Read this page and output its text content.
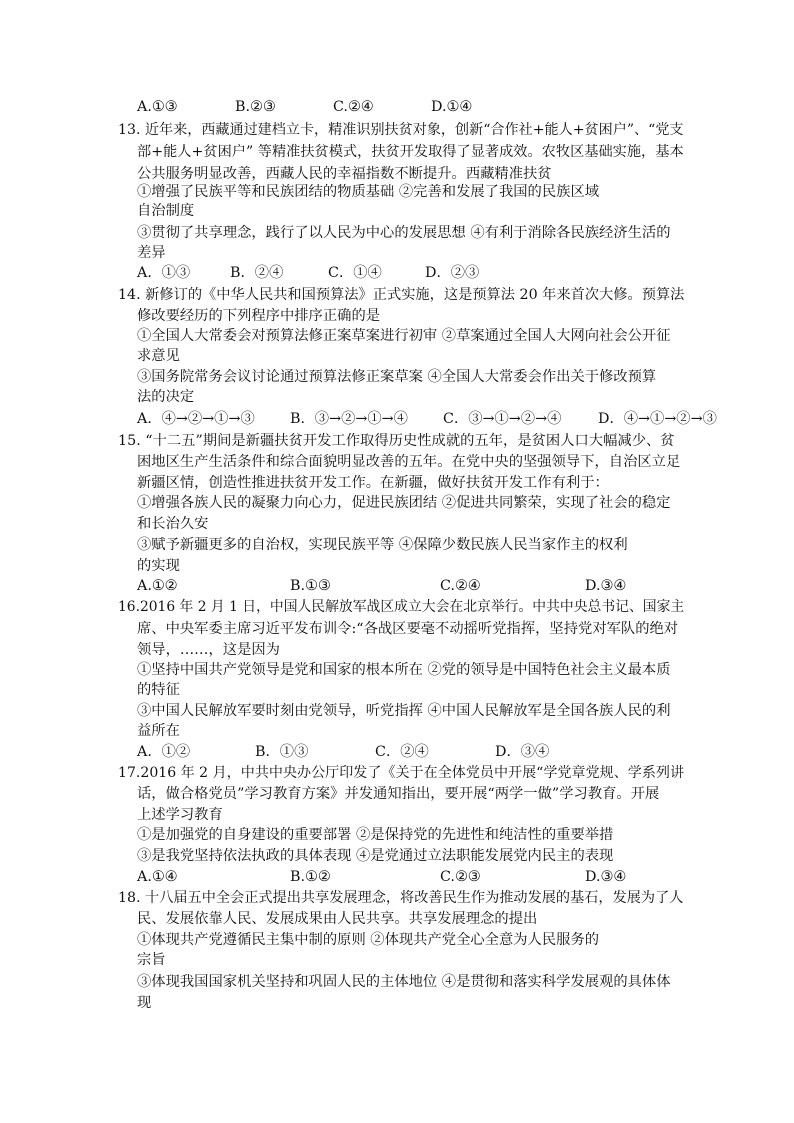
A.①③	B.②③	C.②④	D.①④
13. 近年来，西藏通过建档立卡，精准识别扶贫对象，创新“合作社+能人+贫困户”、“党支
部+能人+贫困户” 等精准扶贫模式，扶贫开发取得了显著成效。农牧区基础实施，基本
公共服务明显改善，西藏人民的幸福指数不断提升。西藏精准扶贫
①增强了民族平等和民族团结的物质基础 ②完善和发展了我国的民族区域
自治制度
③贯彻了共享理念，践行了以人民为中心的发展思想 ④有利于消除各民族经济生活的
差异
A．①③	B．②④	C．①④	D．②③
14. 新修订的《中华人民共和国预算法》正式实施，这是预算法 20 年来首次大修。预算法
修改要经历的下列程序中排序正确的是
①全国人大常委会对预算法修正案草案进行初审 ②草案通过全国人大网向社会公开征
求意见
③国务院常务会议讨论通过预算法修正案草案 ④全国人大常委会作出关于修改预算
法的决定
A．④→②→①→③ B．③→②→①→④ C．③→①→②→④	D．④→①→②→③
15. “十二五”期间是新疆扶贫开发工作取得历史性成就的五年，是贫困人口大幅减少、贫
困地区生产生活条件和综合面貌明显改善的五年。在党中央的坚强领导下，自治区立足
新疆区情，创造性推进扶贫开发工作。在新疆，做好扶贫开发工作有利于：
①增强各族人民的凝聚力向心力，促进民族团结 ②促进共同繁荣，实现了社会的稳定
和长治久安
③赋予新疆更多的自治权，实现民族平等 ④保障少数民族人民当家作主的权利
的实现
A.①②	B.①③	C.②④	D.③④
16.2016 年 2 月 1 日，中国人民解放军战区成立大会在北京举行。中共中央总书记、国家主
席、中央军委主席习近平发布训令:“各战区要毫不动摇听党指挥，坚持党对军队的绝对
领导，……，这是因为
①坚持中国共产党领导是党和国家的根本所在 ②党的领导是中国特色社会主义最本质
的特征
③中国人民解放军要时刻由党领导，听党指挥 ④中国人民解放军是全国各族人民的利
益所在
A．①②	B．①③	C．②④	D．③④
17.2016 年 2 月，中共中央办公厅印发了《关于在全体党员中开展“学党章党规、学系列讲
话，做合格党员”学习教育方案》并发通知指出，要开展“两学一做”学习教育。开展
上述学习教育
①是加强党的自身建设的重要部署 ②是保持党的先进性和纯洁性的重要举措
③是我党坚持依法执政的具体表现 ④是党通过立法职能发展党内民主的表现
A.①④	B.①②	C.②③	D.③④
18. 十八届五中全会正式提出共享发展理念，将改善民生作为推动发展的基石，发展为了人
民、发展依靠人民、发展成果由人民共享。共享发展理念的提出
①体现共产党遵循民主集中制的原则 ②体现共产党全心全意为人民服务的
宗旨
③体现我国国家机关坚持和巩固人民的主体地位 ④是贯彻和落实科学发展观的具体体
现
